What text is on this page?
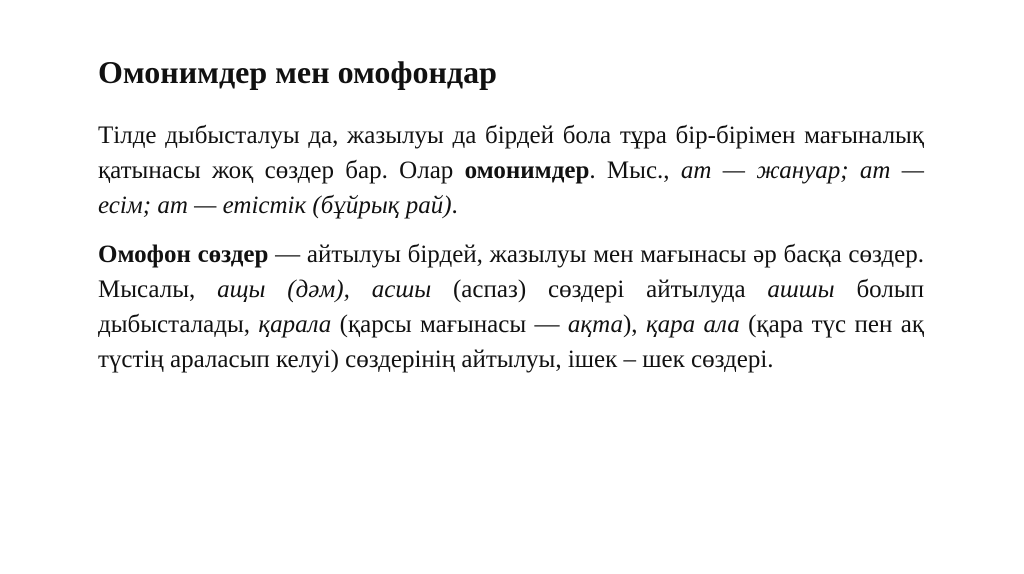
Омонимдер мен омофондар

Тілде дыбысталуы да, жазылуы да бірдей бола тұра бір-бірімен мағыналық қатынасы жоқ сөздер бар. Олар омонимдер. Мыс., ат — жануар; ат — есім; ат — етістік (бұйрық рай).

Омофон сөздер — айтылуы бірдей, жазылуы мен мағынасы әр басқа сөздер. Мысалы, ащы (дәм), асшы (аспаз) сөздері айтылуда ашшы болып дыбысталады, қарала (қарсы мағынасы — ақта), қара ала (қара түс пен ақ түстің араласып келуі) сөздерінің айтылуы, ішек – шек сөздері.
